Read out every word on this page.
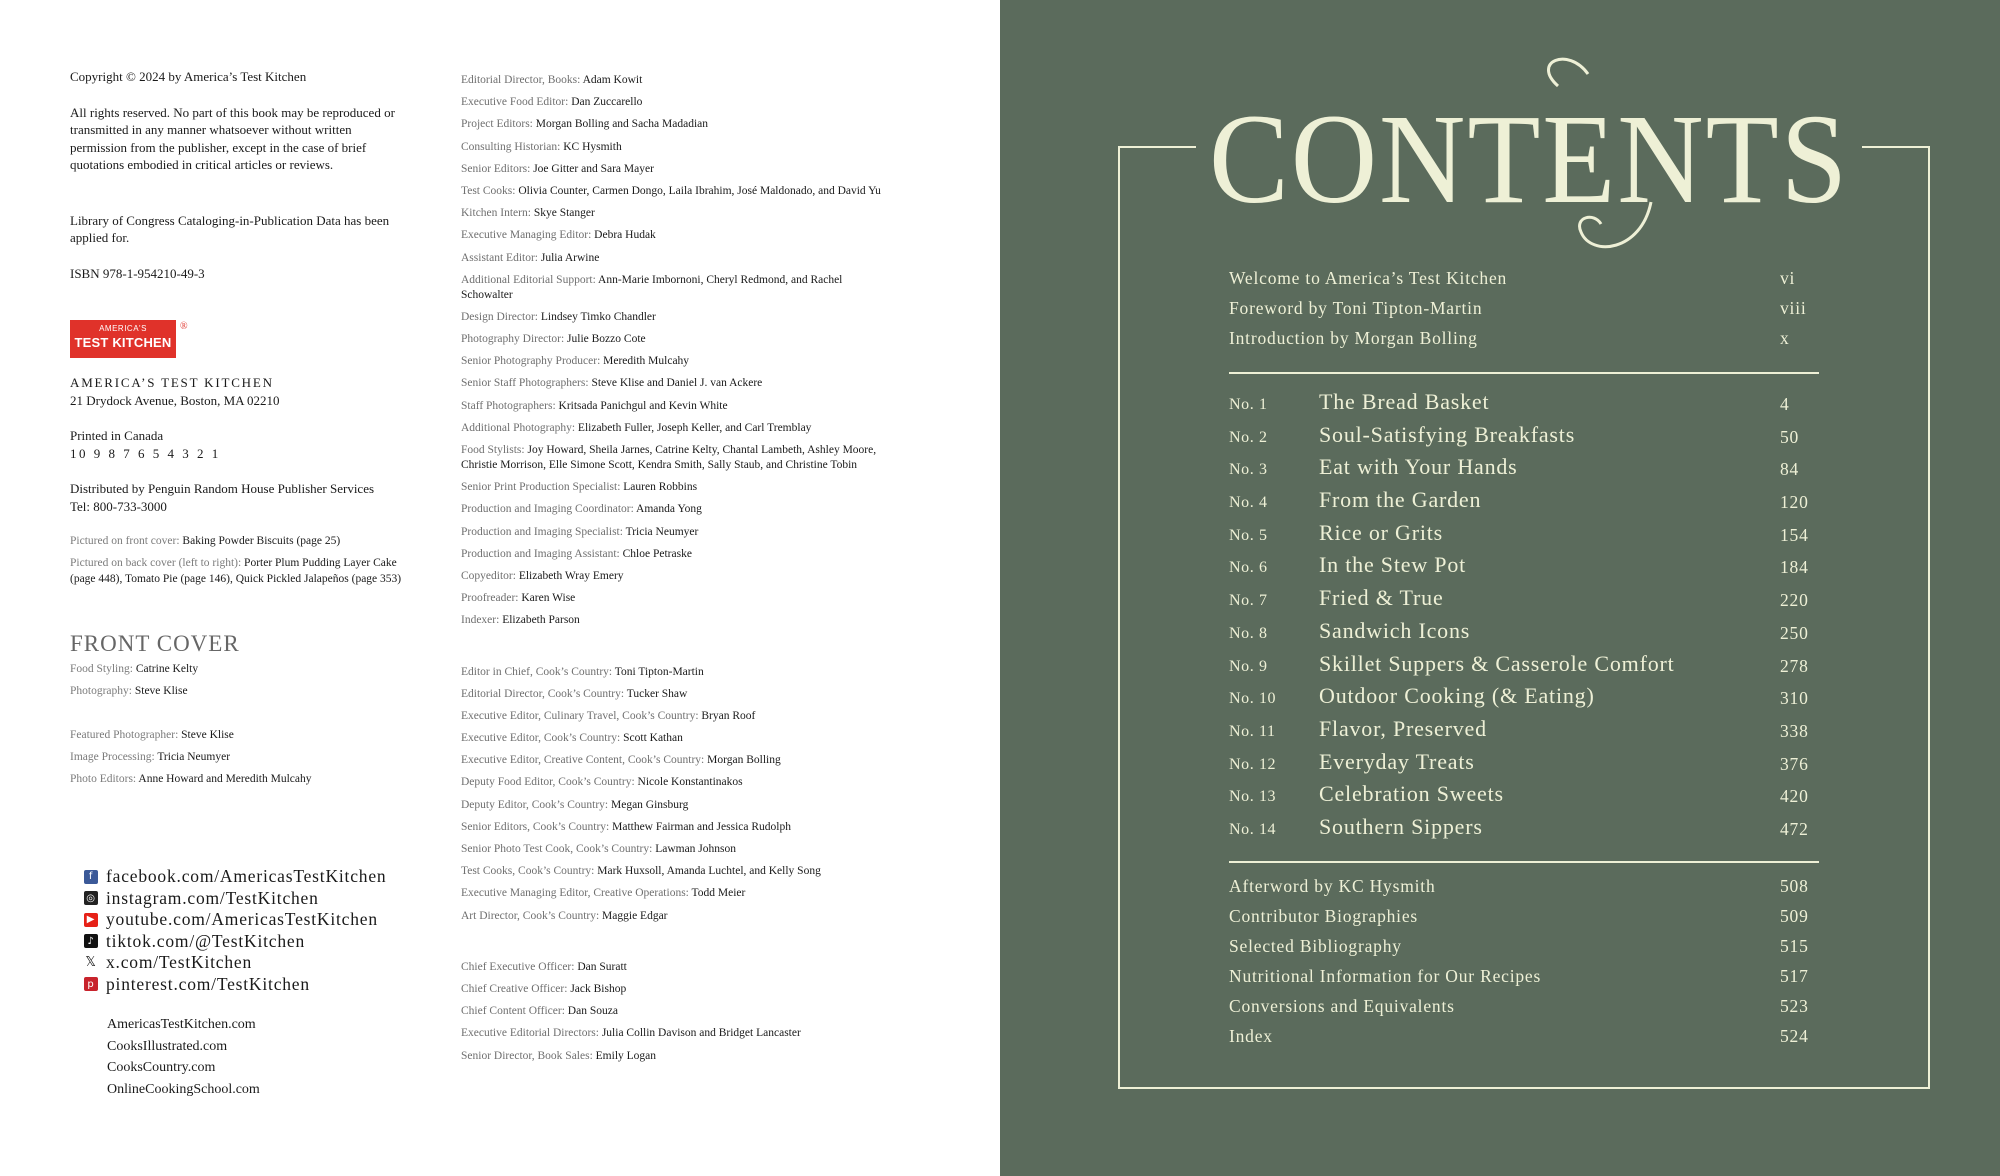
Copyright © 2024 by America’s Test Kitchen

All rights reserved. No part of this book may be reproduced or transmitted in any manner whatsoever without written permission from the publisher, except in the case of brief quotations embodied in critical articles or reviews.

Library of Congress Cataloging-in-Publication Data has been applied for.

ISBN 978-1-954210-49-3

AMERICA'S
TEST KITCHEN
®

AMERICA’S TEST KITCHEN

21 Drydock Avenue, Boston, MA 02210

Printed in Canada

10 9 8 7 6 5 4 3 2 1

Distributed by Penguin Random House Publisher Services

Tel: 800-733-3000

Pictured on front cover: Baking Powder Biscuits (page 25)

Pictured on back cover (left to right): Porter Plum Pudding Layer Cake (page 448), Tomato Pie (page 146), Quick Pickled Jalapeños (page 353)

FRONT COVER
Food Styling: Catrine Kelty
Photography: Steve Klise
Featured Photographer: Steve Klise
Image Processing: Tricia Neumyer
Photo Editors: Anne Howard and Meredith Mulcahy
f facebook.com/AmericasTestKitchen
◎ instagram.com/TestKitchen
▶ youtube.com/AmericasTestKitchen
♪ tiktok.com/@TestKitchen
𝕏 x.com/TestKitchen
p pinterest.com/TestKitchen
AmericasTestKitchen.com
CooksIllustrated.com
CooksCountry.com
OnlineCookingSchool.com
Editorial Director, Books: Adam Kowit
Executive Food Editor: Dan Zuccarello
Project Editors: Morgan Bolling and Sacha Madadian
Consulting Historian: KC Hysmith
Senior Editors: Joe Gitter and Sara Mayer
Test Cooks: Olivia Counter, Carmen Dongo, Laila Ibrahim, José Maldonado, and David Yu
Kitchen Intern: Skye Stanger
Executive Managing Editor: Debra Hudak
Assistant Editor: Julia Arwine
Additional Editorial Support: Ann-Marie Imbornoni, Cheryl Redmond, and Rachel Schowalter
Design Director: Lindsey Timko Chandler
Photography Director: Julie Bozzo Cote
Senior Photography Producer: Meredith Mulcahy
Senior Staff Photographers: Steve Klise and Daniel J. van Ackere
Staff Photographers: Kritsada Panichgul and Kevin White
Additional Photography: Elizabeth Fuller, Joseph Keller, and Carl Tremblay
Food Stylists: Joy Howard, Sheila Jarnes, Catrine Kelty, Chantal Lambeth, Ashley Moore, Christie Morrison, Elle Simone Scott, Kendra Smith, Sally Staub, and Christine Tobin
Senior Print Production Specialist: Lauren Robbins
Production and Imaging Coordinator: Amanda Yong
Production and Imaging Specialist: Tricia Neumyer
Production and Imaging Assistant: Chloe Petraske
Copyeditor: Elizabeth Wray Emery
Proofreader: Karen Wise
Indexer: Elizabeth Parson
Editor in Chief, Cook’s Country: Toni Tipton-Martin
Editorial Director, Cook’s Country: Tucker Shaw
Executive Editor, Culinary Travel, Cook’s Country: Bryan Roof
Executive Editor, Cook’s Country: Scott Kathan
Executive Editor, Creative Content, Cook’s Country: Morgan Bolling
Deputy Food Editor, Cook’s Country: Nicole Konstantinakos
Deputy Editor, Cook’s Country: Megan Ginsburg
Senior Editors, Cook’s Country: Matthew Fairman and Jessica Rudolph
Senior Photo Test Cook, Cook’s Country: Lawman Johnson
Test Cooks, Cook’s Country: Mark Huxsoll, Amanda Luchtel, and Kelly Song
Executive Managing Editor, Creative Operations: Todd Meier
Art Director, Cook’s Country: Maggie Edgar
Chief Executive Officer: Dan Suratt
Chief Creative Officer: Jack Bishop
Chief Content Officer: Dan Souza
Executive Editorial Directors: Julia Collin Davison and Bridget Lancaster
Senior Director, Book Sales: Emily Logan
CONTENTS
Welcome to America’s Test Kitchen	vi
Foreword by Toni Tipton-Martin	viii
Introduction by Morgan Bolling	x
No. 1 The Bread Basket	4
No. 2 Soul-Satisfying Breakfasts	50
No. 3 Eat with Your Hands	84
No. 4 From the Garden	120
No. 5 Rice or Grits	154
No. 6 In the Stew Pot	184
No. 7 Fried & True	220
No. 8 Sandwich Icons	250
No. 9 Skillet Suppers & Casserole Comfort	278
No. 10 Outdoor Cooking (& Eating)	310
No. 11 Flavor, Preserved	338
No. 12 Everyday Treats	376
No. 13 Celebration Sweets	420
No. 14 Southern Sippers	472
Afterword by KC Hysmith	508
Contributor Biographies	509
Selected Bibliography	515
Nutritional Information for Our Recipes	517
Conversions and Equivalents	523
Index	524
